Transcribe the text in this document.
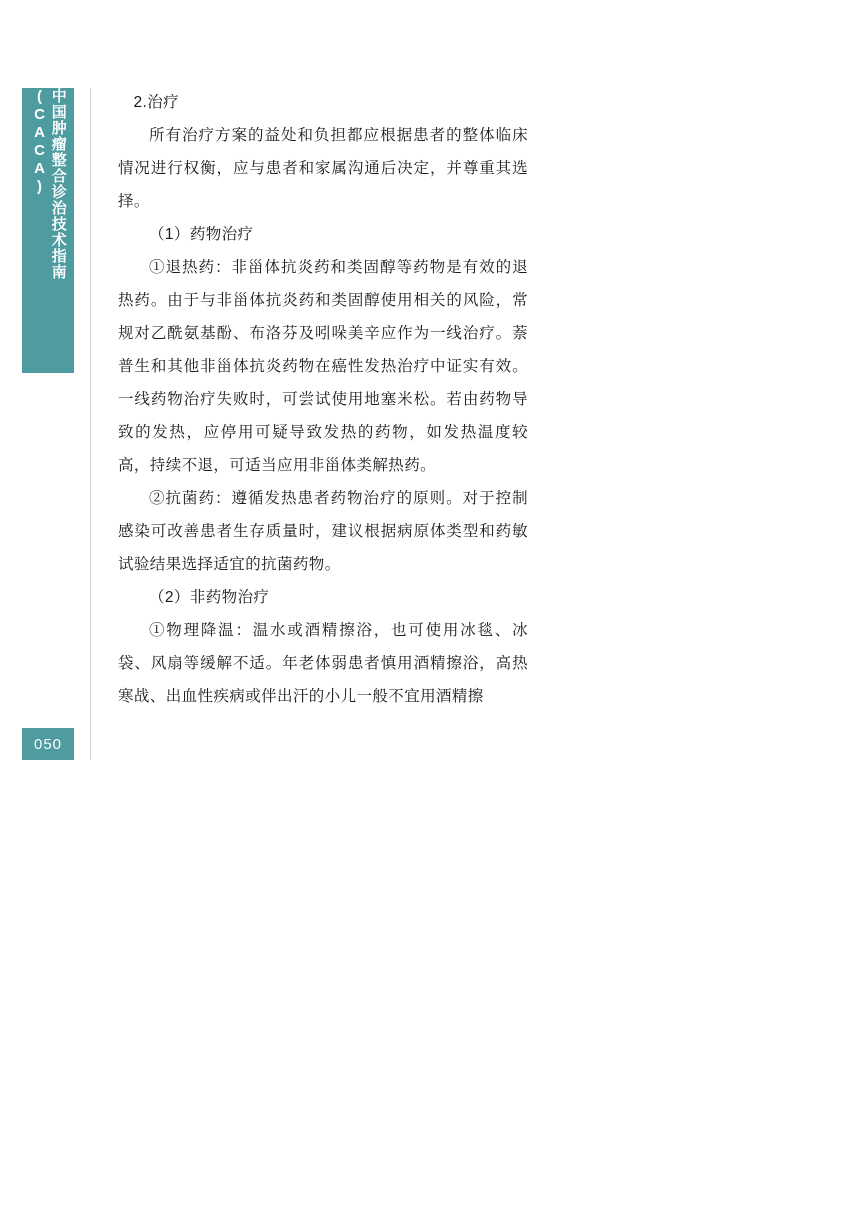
中国肿瘤整合诊治技术指南(CACA)
050

2.治疗

所有治疗方案的益处和负担都应根据患者的整体临床情况进行权衡，应与患者和家属沟通后决定，并尊重其选择。

（1）药物治疗

①退热药：非甾体抗炎药和类固醇等药物是有效的退热药。由于与非甾体抗炎药和类固醇使用相关的风险，常规对乙酰氨基酚、布洛芬及吲哚美辛应作为一线治疗。萘普生和其他非甾体抗炎药物在癌性发热治疗中证实有效。一线药物治疗失败时，可尝试使用地塞米松。若由药物导致的发热，应停用可疑导致发热的药物，如发热温度较高，持续不退，可适当应用非甾体类解热药。

②抗菌药：遵循发热患者药物治疗的原则。对于控制感染可改善患者生存质量时，建议根据病原体类型和药敏试验结果选择适宜的抗菌药物。

（2）非药物治疗

①物理降温：温水或酒精擦浴，也可使用冰毯、冰袋、风扇等缓解不适。年老体弱患者慎用酒精擦浴，高热寒战、出血性疾病或伴出汗的小儿一般不宜用酒精擦
